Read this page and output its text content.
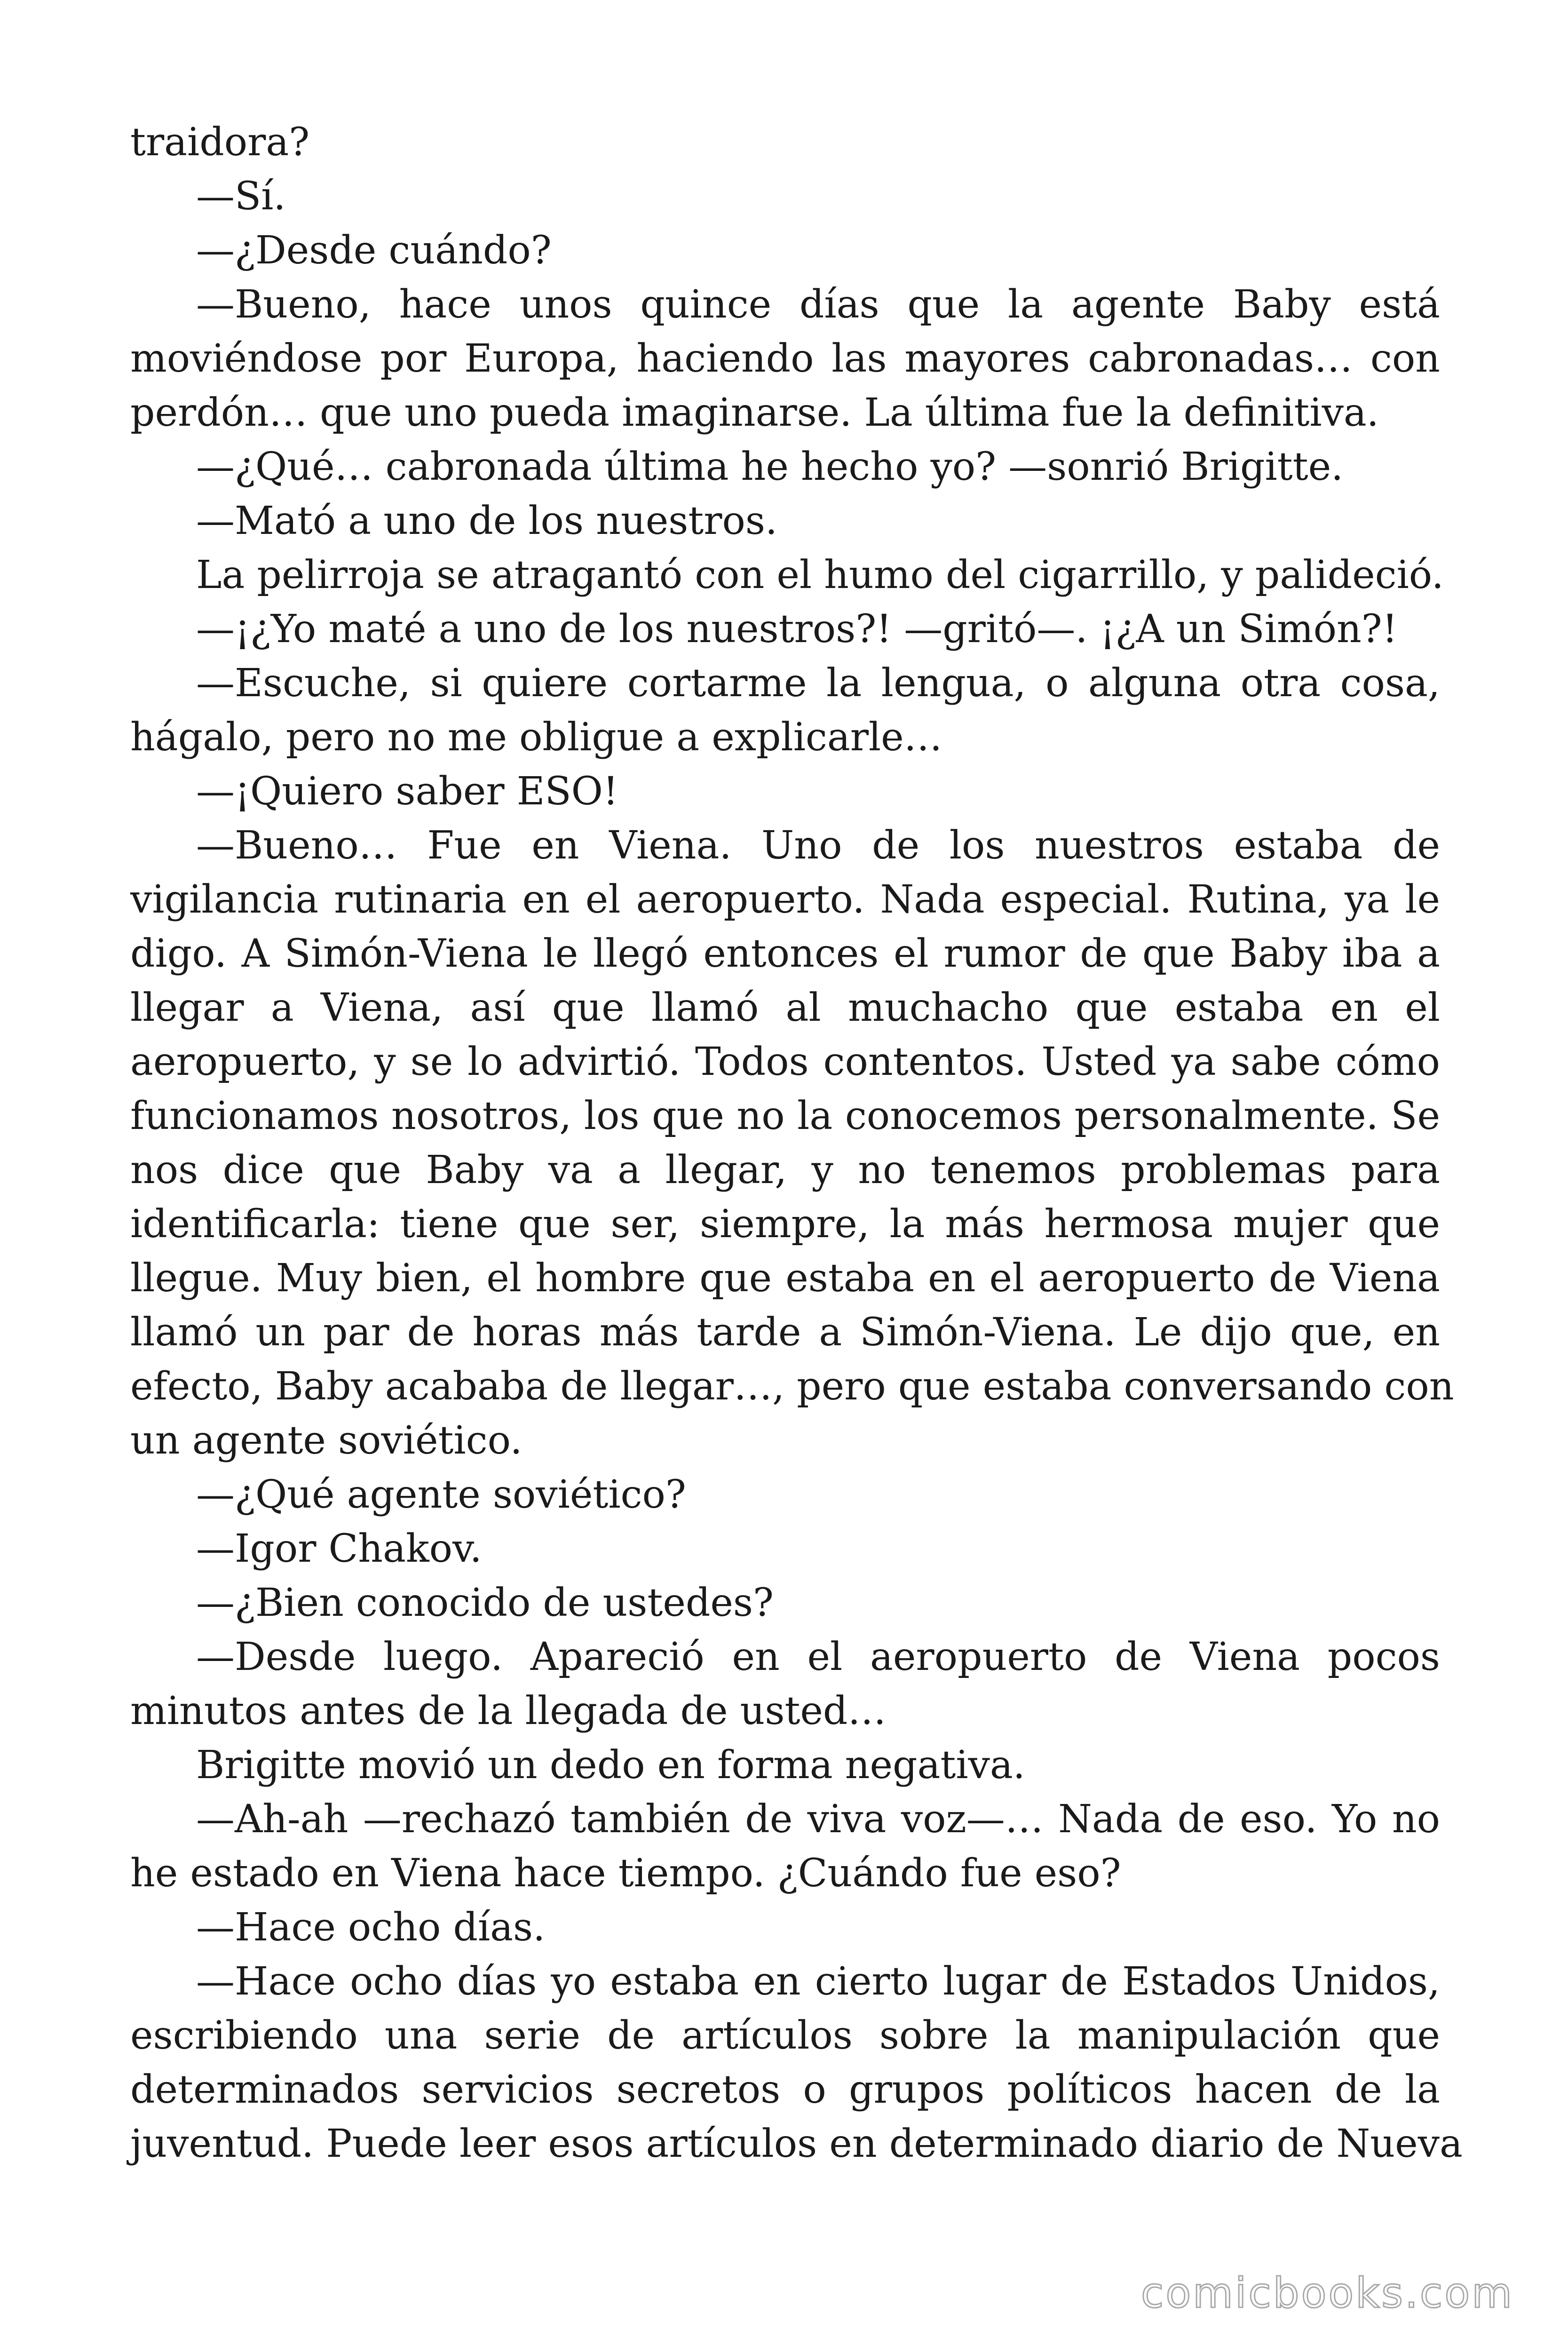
traidora?
—Sí.
—¿Desde cuándo?
—Bueno, hace unos quince días que la agente Baby está
moviéndose por Europa, haciendo las mayores cabronadas… con
perdón… que uno pueda imaginarse. La última fue la definitiva.
—¿Qué… cabronada última he hecho yo? —sonrió Brigitte.
—Mató a uno de los nuestros.
La pelirroja se atragantó con el humo del cigarrillo, y palideció.
—¡¿Yo maté a uno de los nuestros?! —gritó—. ¡¿A un Simón?!
—Escuche, si quiere cortarme la lengua, o alguna otra cosa,
hágalo, pero no me obligue a explicarle…
—¡Quiero saber ESO!
—Bueno… Fue en Viena. Uno de los nuestros estaba de
vigilancia rutinaria en el aeropuerto. Nada especial. Rutina, ya le
digo. A Simón-Viena le llegó entonces el rumor de que Baby iba a
llegar a Viena, así que llamó al muchacho que estaba en el
aeropuerto, y se lo advirtió. Todos contentos. Usted ya sabe cómo
funcionamos nosotros, los que no la conocemos personalmente. Se
nos dice que Baby va a llegar, y no tenemos problemas para
identificarla: tiene que ser, siempre, la más hermosa mujer que
llegue. Muy bien, el hombre que estaba en el aeropuerto de Viena
llamó un par de horas más tarde a Simón-Viena. Le dijo que, en
efecto, Baby acababa de llegar…, pero que estaba conversando con
un agente soviético.
—¿Qué agente soviético?
—Igor Chakov.
—¿Bien conocido de ustedes?
—Desde luego. Apareció en el aeropuerto de Viena pocos
minutos antes de la llegada de usted…
Brigitte movió un dedo en forma negativa.
—Ah-ah —rechazó también de viva voz—… Nada de eso. Yo no
he estado en Viena hace tiempo. ¿Cuándo fue eso?
—Hace ocho días.
—Hace ocho días yo estaba en cierto lugar de Estados Unidos,
escribiendo una serie de artículos sobre la manipulación que
determinados servicios secretos o grupos políticos hacen de la
juventud. Puede leer esos artículos en determinado diario de Nueva
comicbooks.com
